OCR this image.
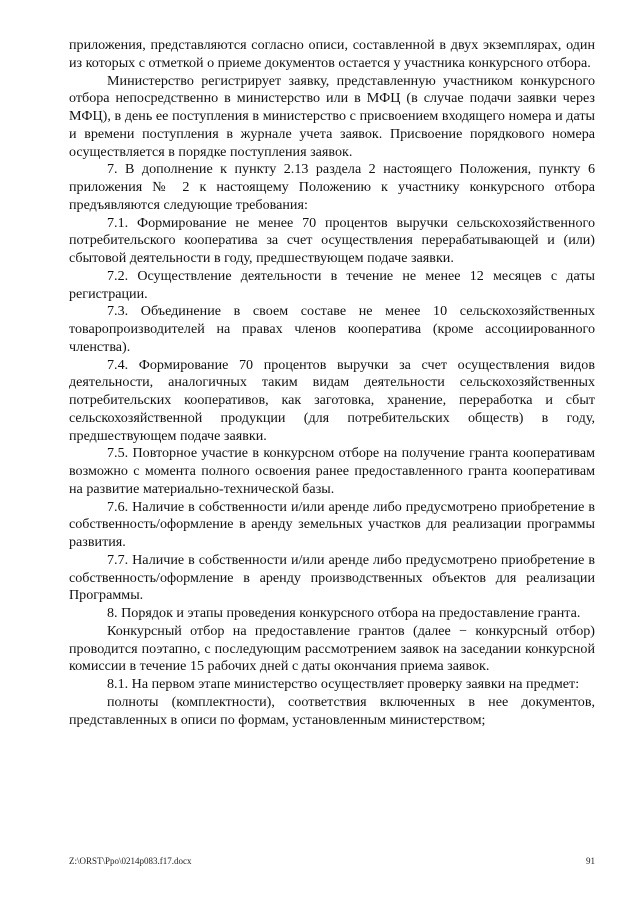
приложения, представляются согласно описи, составленной в двух экземплярах, один из которых с отметкой о приеме документов остается у участника конкурсного отбора.

Министерство регистрирует заявку, представленную участником конкурсного отбора непосредственно в министерство или в МФЦ (в случае подачи заявки через МФЦ), в день ее поступления в министерство с присвоением входящего номера и даты и времени поступления в журнале учета заявок. Присвоение порядкового номера осуществляется в порядке поступления заявок.

7. В дополнение к пункту 2.13 раздела 2 настоящего Положения, пункту 6 приложения № 2 к настоящему Положению к участнику конкурсного отбора предъявляются следующие требования:

7.1. Формирование не менее 70 процентов выручки сельскохозяйственного потребительского кооператива за счет осуществления перерабатывающей и (или) сбытовой деятельности в году, предшествующем подаче заявки.

7.2. Осуществление деятельности в течение не менее 12 месяцев с даты регистрации.

7.3. Объединение в своем составе не менее 10 сельскохозяйственных товаропроизводителей на правах членов кооператива (кроме ассоциированного членства).

7.4. Формирование 70 процентов выручки за счет осуществления видов деятельности, аналогичных таким видам деятельности сельскохозяйственных потребительских кооперативов, как заготовка, хранение, переработка и сбыт сельскохозяйственной продукции (для потребительских обществ) в году, предшествующем подаче заявки.

7.5. Повторное участие в конкурсном отборе на получение гранта кооперативам возможно с момента полного освоения ранее предоставленного гранта кооперативам на развитие материально-технической базы.

7.6. Наличие в собственности и/или аренде либо предусмотрено приобретение в собственность/оформление в аренду земельных участков для реализации программы развития.

7.7. Наличие в собственности и/или аренде либо предусмотрено приобретение в собственность/оформление в аренду производственных объектов для реализации Программы.

8. Порядок и этапы проведения конкурсного отбора на предоставление гранта.

Конкурсный отбор на предоставление грантов (далее − конкурсный отбор) проводится поэтапно, с последующим рассмотрением заявок на заседании конкурсной комиссии в течение 15 рабочих дней с даты окончания приема заявок.

8.1. На первом этапе министерство осуществляет проверку заявки на предмет:

полноты (комплектности), соответствия включенных в нее документов, представленных в описи по формам, установленным министерством;

Z:\ORST\Ppo\0214p083.f17.docx	91
